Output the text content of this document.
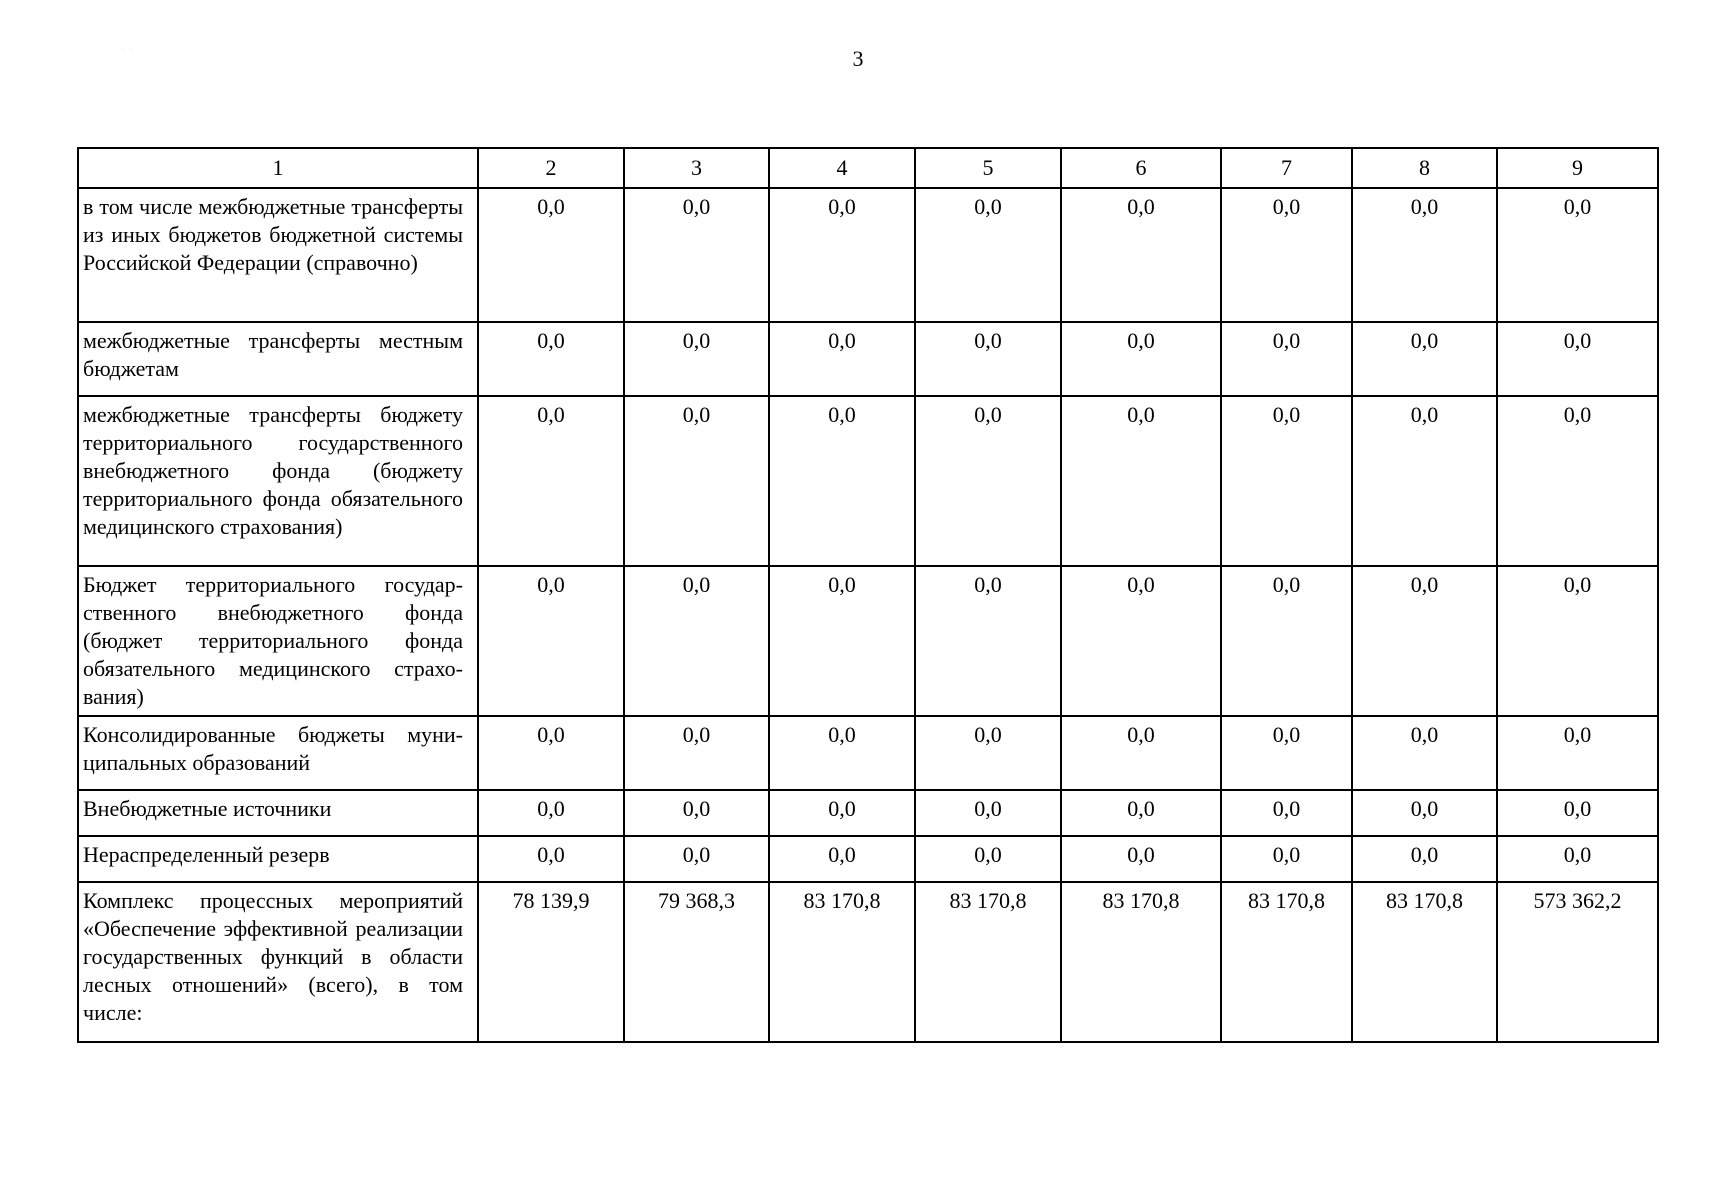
3
··
1	2	3	4	5	6	7	8	9
в том числе межбюджетные трансферты из иных бюджетов бюджетной системы Российской Федерации (справочно)	0,0	0,0	0,0	0,0	0,0	0,0	0,0	0,0
межбюджетные трансферты местным бюджетам	0,0	0,0	0,0	0,0	0,0	0,0	0,0	0,0
межбюджетные трансферты бюджету территориального государственного внебюджетного фонда (бюджету территориального фонда обязательного медицинского страхования)	0,0	0,0	0,0	0,0	0,0	0,0	0,0	0,0
Бюджет территориального государственного внебюджетного фонда (бюджет территориального фонда обязательного медицинского страхования)	0,0	0,0	0,0	0,0	0,0	0,0	0,0	0,0
Консолидированные бюджеты муниципальных образований	0,0	0,0	0,0	0,0	0,0	0,0	0,0	0,0
Внебюджетные источники	0,0	0,0	0,0	0,0	0,0	0,0	0,0	0,0
Нераспределенный резерв	0,0	0,0	0,0	0,0	0,0	0,0	0,0	0,0
Комплекс процессных мероприятий «Обеспечение эффективной реализации государственных функций в области лесных отношений» (всего), в том числе:	78 139,9	79 368,3	83 170,8	83 170,8	83 170,8	83 170,8	83 170,8	573 362,2
